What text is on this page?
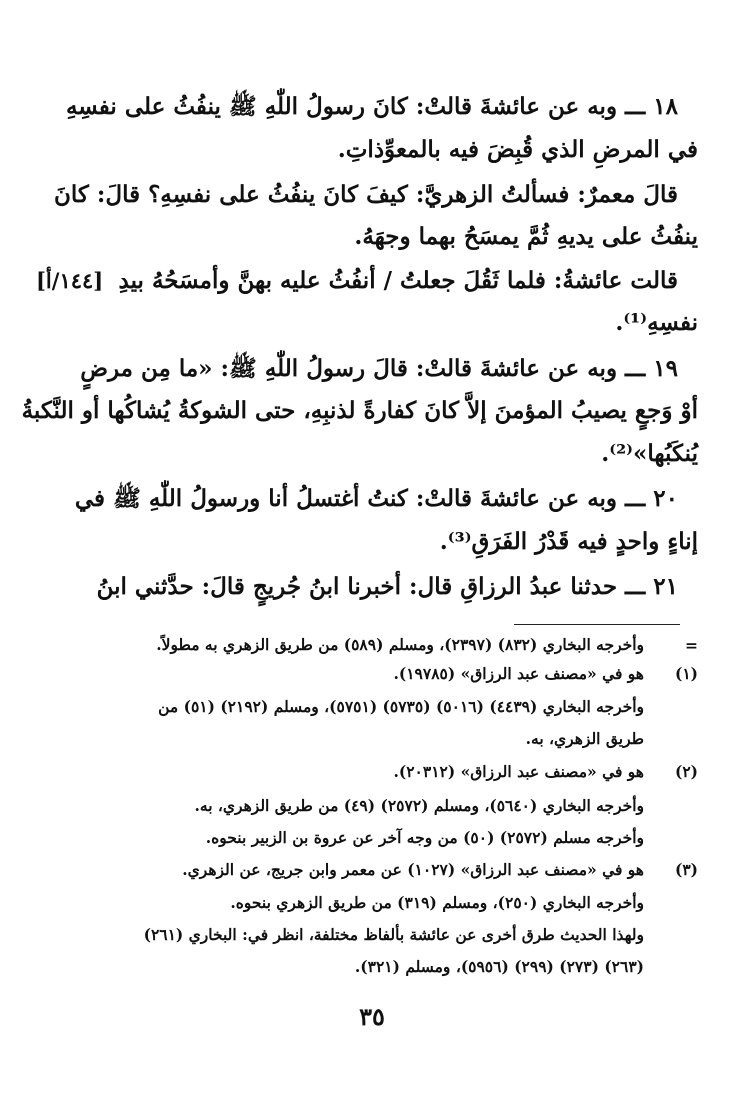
١٨ ـــ وبه عن عائشةَ قالتْ: كانَ رسولُ اللّٰهِ ﷺ ينفُثُ على نفسِهِ
في المرضِ الذي قُبِضَ فيه بالمعوِّذاتِ.
قالَ معمرٌ: فسألتُ الزهريَّ: كيفَ كانَ ينفُثُ على نفسِهِ؟ قالَ: كانَ
ينفُثُ على يديهِ ثُمَّ يمسَحُ بهما وجهَهُ.
قالت عائشةُ: فلما ثَقُلَ جعلتُ / أنفُثُ عليه بهنَّ وأمسَحُهُ بيدِ
[١٤٤/أ]
نفسِهِ⁽¹⁾.
١٩ ـــ وبه عن عائشةَ قالتْ: قالَ رسولُ اللّٰهِ ﷺ: «ما مِن مرضٍ
أوْ وَجعٍ يصيبُ المؤمنَ إلاَّ كانَ كفارةً لذنبِهِ، حتى الشوكةُ يُشاكُها أو النَّكبةُ
يُنكَبُها»⁽²⁾.
٢٠ ـــ وبه عن عائشةَ قالتْ: كنتُ أغتسلُ أنا ورسولُ اللّٰهِ ﷺ في
إناءٍ واحدٍ فيه قَدْرُ الفَرَقِ⁽³⁾.
٢١ ـــ حدثنا عبدُ الرزاقِ قال: أخبرنا ابنُ جُريجٍ قالَ: حدَّثني ابنُ
=
وأخرجه البخاري (٨٣٢) (٢٣٩٧)، ومسلم (٥٨٩) من طريق الزهري به مطولاً.
(١)
هو في «مصنف عبد الرزاق» (١٩٧٨٥).
وأخرجه البخاري (٤٤٣٩) (٥٠١٦) (٥٧٣٥) (٥٧٥١)، ومسلم (٢١٩٢) (٥١) من
طريق الزهري، به.
(٢)
هو في «مصنف عبد الرزاق» (٢٠٣١٢).
وأخرجه البخاري (٥٦٤٠)، ومسلم (٢٥٧٢) (٤٩) من طريق الزهري، به.
وأخرجه مسلم (٢٥٧٢) (٥٠) من وجه آخر عن عروة بن الزبير بنحوه.
(٣)
هو في «مصنف عبد الرزاق» (١٠٢٧) عن معمر وابن جريج، عن الزهري.
وأخرجه البخاري (٢٥٠)، ومسلم (٣١٩) من طريق الزهري بنحوه.
ولهذا الحديث طرق أخرى عن عائشة بألفاظ مختلفة، انظر في: البخاري (٢٦١)
(٢٦٣) (٢٧٣) (٢٩٩) (٥٩٥٦)، ومسلم (٣٢١).
٣٥
